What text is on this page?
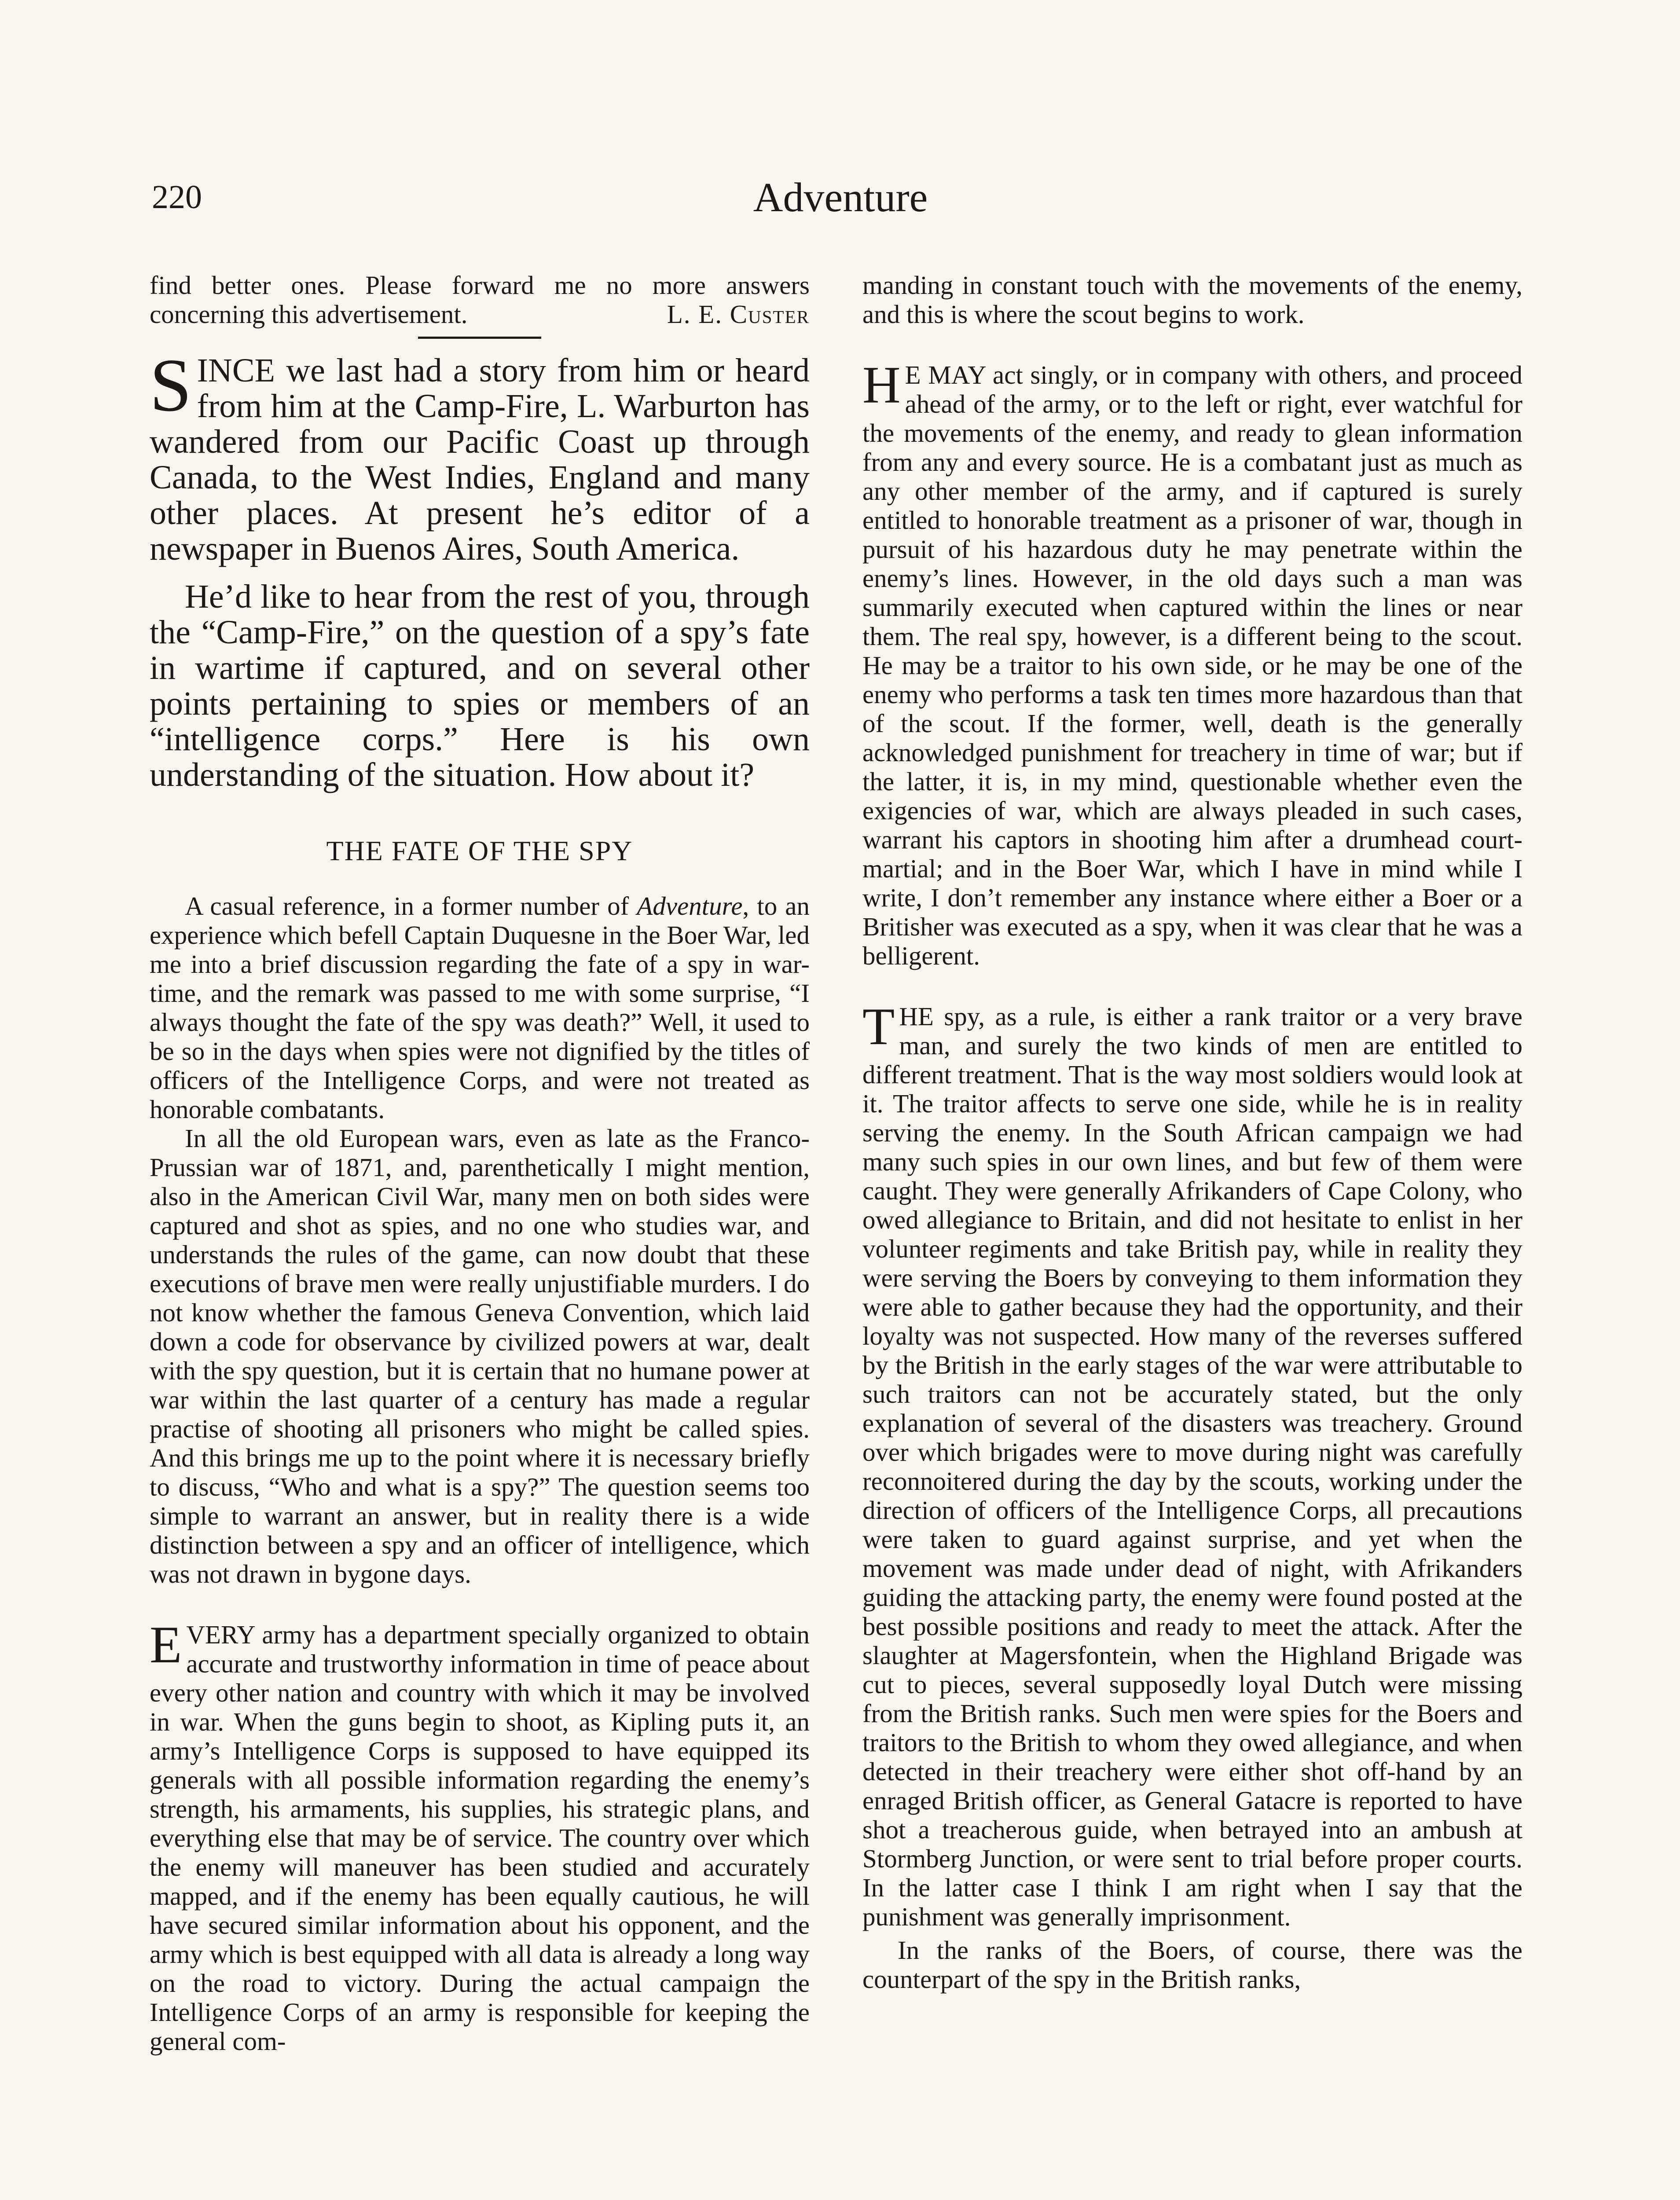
220	Adventure

find better ones. Please forward me no more answers concerning this advertisement.	L. E. Custer

SINCE we last had a story from him or heard from him at the Camp-Fire, L. Warburton has wandered from our Pacific Coast up through Canada, to the West Indies, England and many other places. At present he’s editor of a newspaper in Buenos Aires, South America.

He’d like to hear from the rest of you, through the “Camp-Fire,” on the question of a spy’s fate in wartime if captured, and on several other points pertaining to spies or members of an “intelligence corps.” Here is his own understanding of the situation. How about it?

THE FATE OF THE SPY

A casual reference, in a former number of Adventure, to an experience which befell Captain Duquesne in the Boer War, led me into a brief discussion regarding the fate of a spy in war-time, and the remark was passed to me with some surprise, “I always thought the fate of the spy was death?” Well, it used to be so in the days when spies were not dignified by the titles of officers of the Intelligence Corps, and were not treated as honorable combatants.

In all the old European wars, even as late as the Franco-Prussian war of 1871, and, parenthetically I might mention, also in the American Civil War, many men on both sides were captured and shot as spies, and no one who studies war, and understands the rules of the game, can now doubt that these executions of brave men were really unjustifiable murders. I do not know whether the famous Geneva Convention, which laid down a code for observance by civilized powers at war, dealt with the spy question, but it is certain that no humane power at war within the last quarter of a century has made a regular practise of shooting all prisoners who might be called spies. And this brings me up to the point where it is necessary briefly to discuss, “Who and what is a spy?” The question seems too simple to warrant an answer, but in reality there is a wide distinction between a spy and an officer of intelligence, which was not drawn in bygone days.

EVERY army has a department specially organized to obtain accurate and trustworthy information in time of peace about every other nation and country with which it may be involved in war. When the guns begin to shoot, as Kipling puts it, an army’s Intelligence Corps is supposed to have equipped its generals with all possible information regarding the enemy’s strength, his armaments, his supplies, his strategic plans, and everything else that may be of service. The country over which the enemy will maneuver has been studied and accurately mapped, and if the enemy has been equally cautious, he will have secured similar information about his opponent, and the army which is best equipped with all data is already a long way on the road to victory. During the actual campaign the Intelligence Corps of an army is responsible for keeping the general com-

manding in constant touch with the movements of the enemy, and this is where the scout begins to work.

H E MAY act singly, or in company with others, and proceed ahead of the army, or to the left or right, ever watchful for the movements of the enemy, and ready to glean information from any and every source. He is a combatant just as much as any other member of the army, and if captured is surely entitled to honorable treatment as a prisoner of war, though in pursuit of his hazardous duty he may penetrate within the enemy’s lines. However, in the old days such a man was summarily executed when captured within the lines or near them. The real spy, however, is a different being to the scout. He may be a traitor to his own side, or he may be one of the enemy who performs a task ten times more hazardous than that of the scout. If the former, well, death is the generally acknowledged punishment for treachery in time of war; but if the latter, it is, in my mind, questionable whether even the exigencies of war, which are always pleaded in such cases, warrant his captors in shooting him after a drumhead court-martial; and in the Boer War, which I have in mind while I write, I don’t remember any instance where either a Boer or a Britisher was executed as a spy, when it was clear that he was a belligerent.

THE spy, as a rule, is either a rank traitor or a very brave man, and surely the two kinds of men are entitled to different treatment. That is the way most soldiers would look at it. The traitor affects to serve one side, while he is in reality serving the enemy. In the South African campaign we had many such spies in our own lines, and but few of them were caught. They were generally Afrikanders of Cape Colony, who owed allegiance to Britain, and did not hesitate to enlist in her volunteer regiments and take British pay, while in reality they were serving the Boers by conveying to them information they were able to gather because they had the opportunity, and their loyalty was not suspected. How many of the reverses suffered by the British in the early stages of the war were attributable to such traitors can not be accurately stated, but the only explanation of several of the disasters was treachery. Ground over which brigades were to move during night was carefully reconnoitered during the day by the scouts, working under the direction of officers of the Intelligence Corps, all precautions were taken to guard against surprise, and yet when the movement was made under dead of night, with Afrikanders guiding the attacking party, the enemy were found posted at the best possible positions and ready to meet the attack. After the slaughter at Magersfontein, when the Highland Brigade was cut to pieces, several supposedly loyal Dutch were missing from the British ranks. Such men were spies for the Boers and traitors to the British to whom they owed allegiance, and when detected in their treachery were either shot off-hand by an enraged British officer, as General Gatacre is reported to have shot a treacherous guide, when betrayed into an ambush at Stormberg Junction, or were sent to trial before proper courts. In the latter case I think I am right when I say that the punishment was generally imprisonment.

In the ranks of the Boers, of course, there was the counterpart of the spy in the British ranks,
